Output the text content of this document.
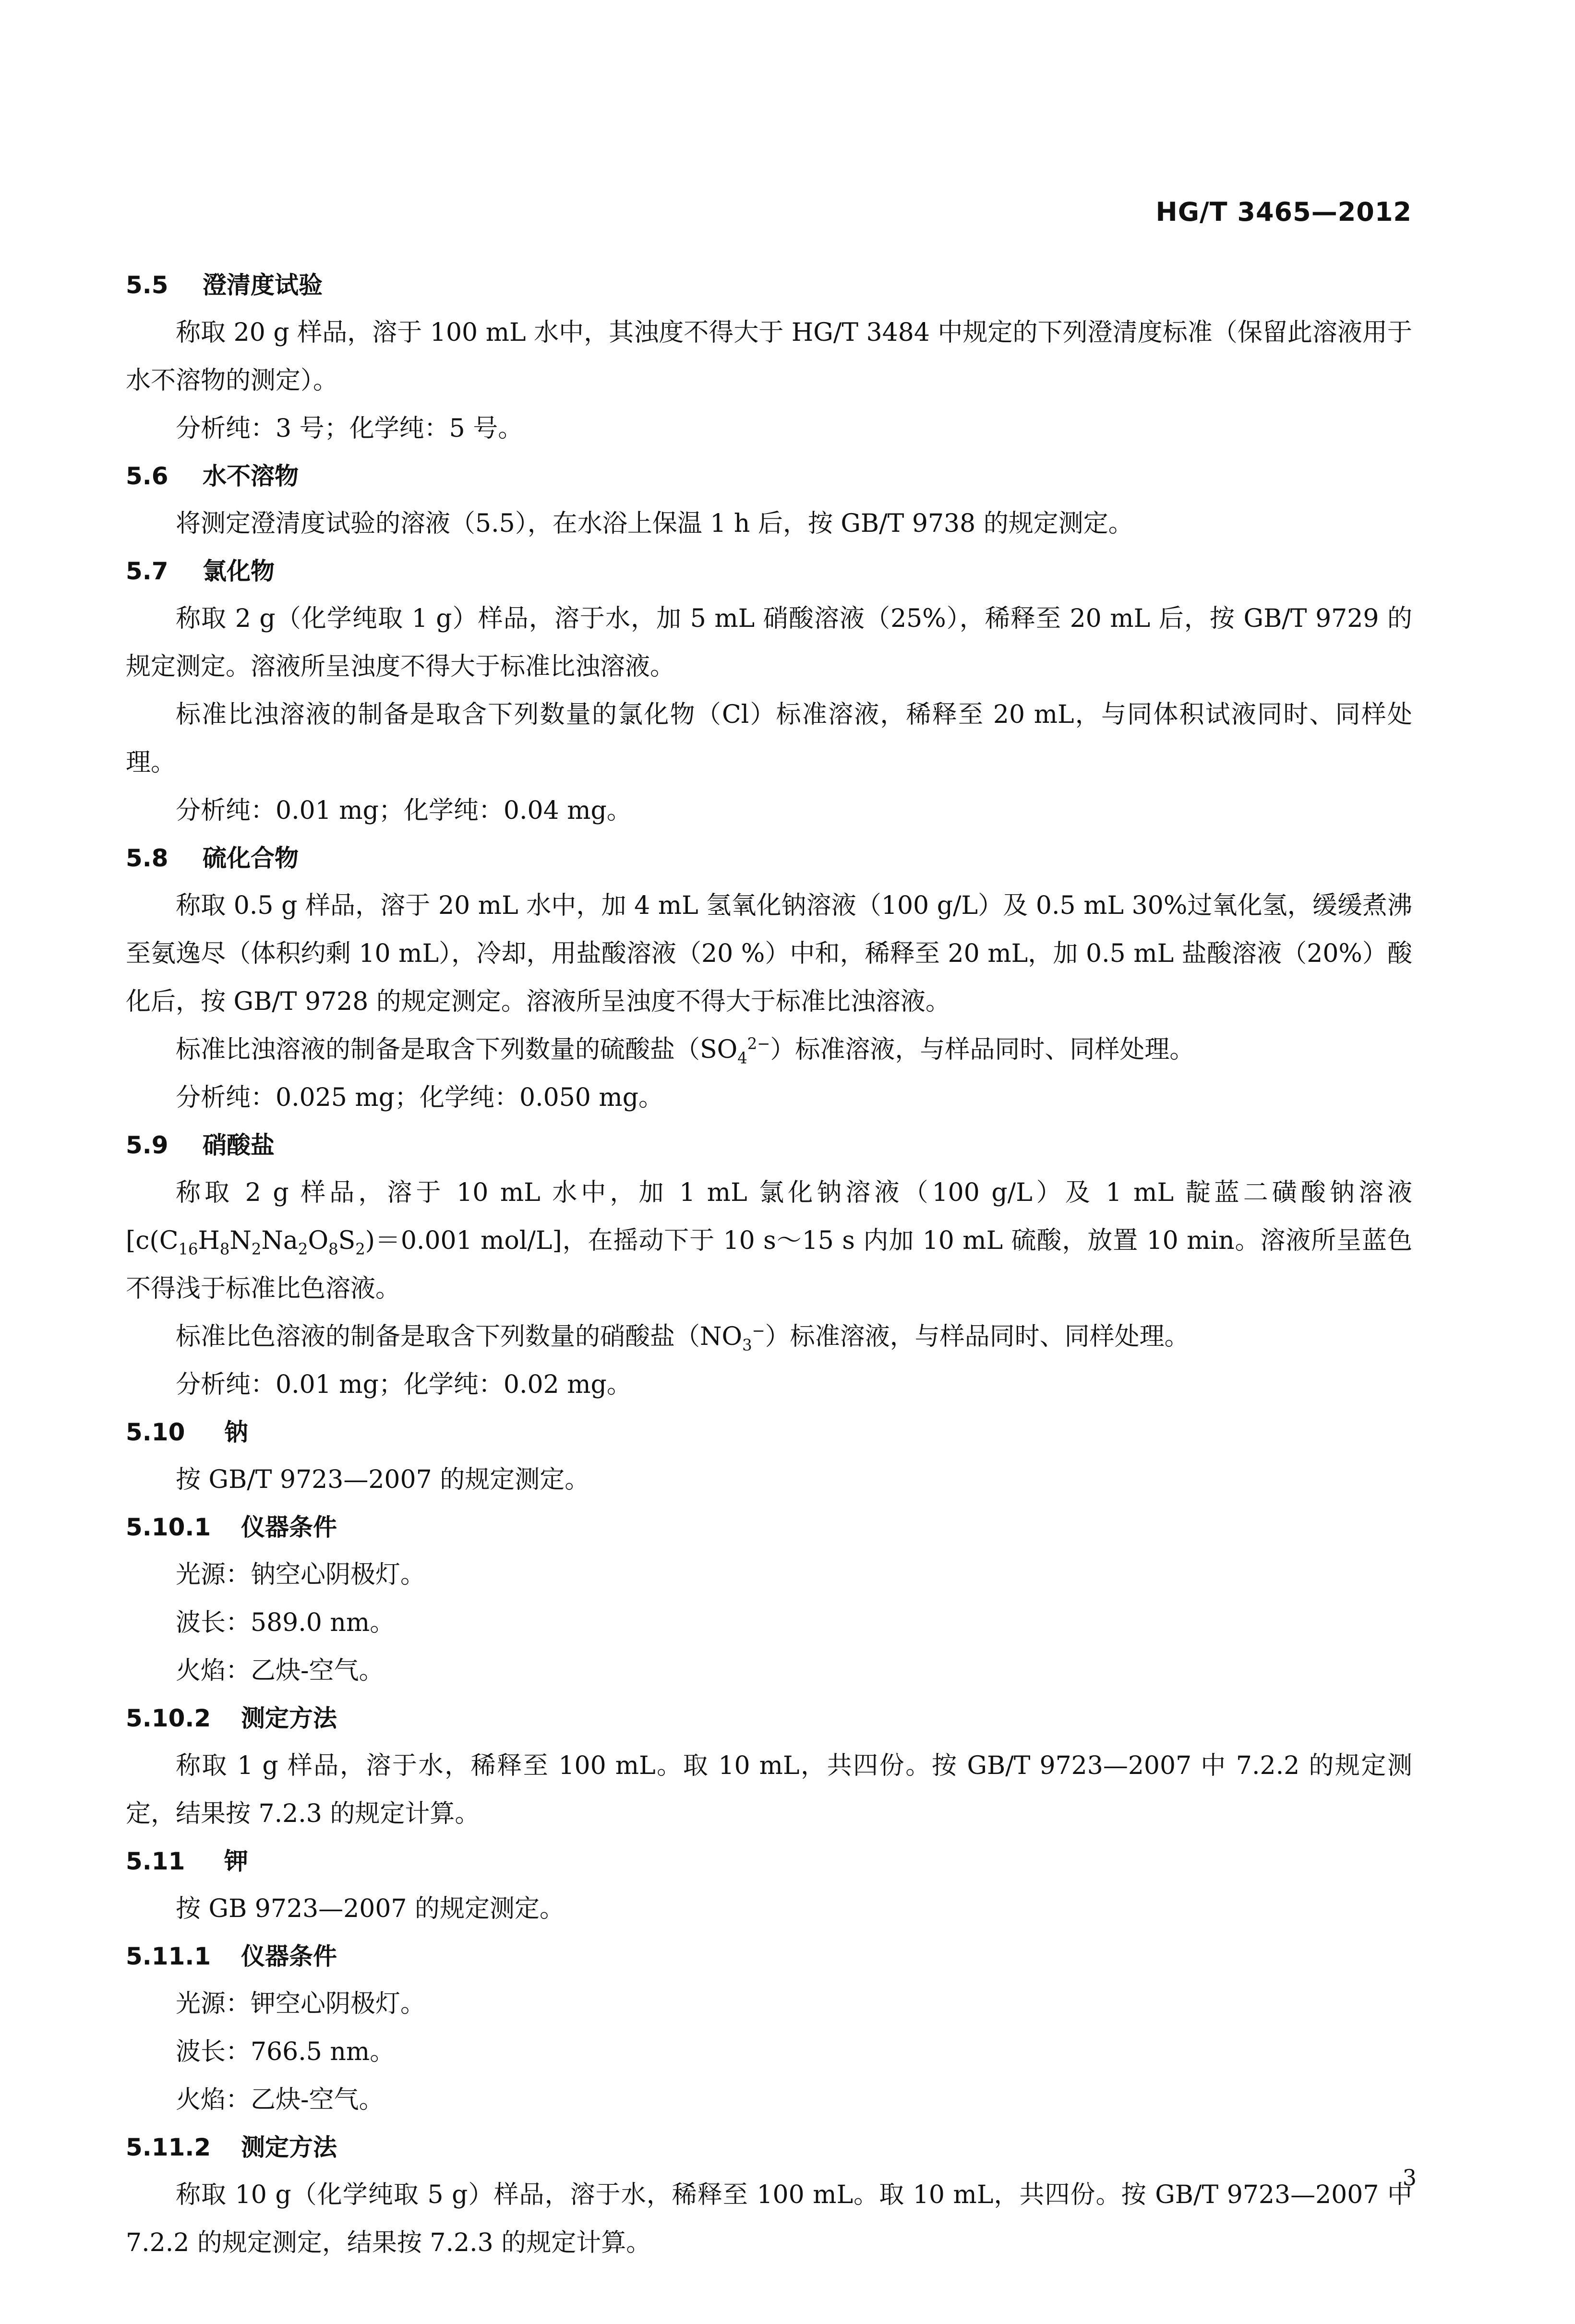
HG/T 3465—2012
5.5 澄清度试验

称取 20 g 样品，溶于 100 mL 水中，其浊度不得大于 HG/T 3484 中规定的下列澄清度标准（保留此溶液用于水不溶物的测定）。

分析纯：3 号；化学纯：5 号。

5.6 水不溶物

将测定澄清度试验的溶液（5.5），在水浴上保温 1 h 后，按 GB/T 9738 的规定测定。

5.7 氯化物

称取 2 g（化学纯取 1 g）样品，溶于水，加 5 mL 硝酸溶液（25%），稀释至 20 mL 后，按 GB/T 9729 的规定测定。溶液所呈浊度不得大于标准比浊溶液。

标准比浊溶液的制备是取含下列数量的氯化物（Cl）标准溶液，稀释至 20 mL，与同体积试液同时、同样处理。

分析纯：0.01 mg；化学纯：0.04 mg。

5.8 硫化合物

称取 0.5 g 样品，溶于 20 mL 水中，加 4 mL 氢氧化钠溶液（100 g/L）及 0.5 mL 30%过氧化氢，缓缓煮沸至氨逸尽（体积约剩 10 mL），冷却，用盐酸溶液（20 %）中和，稀释至 20 mL，加 0.5 mL 盐酸溶液（20%）酸化后，按 GB/T 9728 的规定测定。溶液所呈浊度不得大于标准比浊溶液。

标准比浊溶液的制备是取含下列数量的硫酸盐$(SO_4^{2-})$标准溶液，与样品同时、同样处理。

分析纯：0.025 mg；化学纯：0.050 mg。

5.9 硝酸盐

称取 2 g 样品，溶于 10 mL 水中，加 1 mL 氯化钠溶液（100 g/L）及 1 mL 靛蓝二磺酸钠溶液[$c(C_{16}H_8N_2Na_2O_8S_2)=0.001$ mol/L]，在摇动下于 10 s～15 s 内加 10 mL 硫酸，放置 10 min。溶液所呈蓝色不得浅于标准比色溶液。

标准比色溶液的制备是取含下列数量的硝酸盐$(NO_3^-)$标准溶液，与样品同时、同样处理。

分析纯：0.01 mg；化学纯：0.02 mg。

5.10 钠

按 GB/T 9723—2007 的规定测定。

5.10.1 仪器条件

光源：钠空心阴极灯。

波长：589.0 nm。

火焰：乙炔-空气。

5.10.2 测定方法

称取 1 g 样品，溶于水，稀释至 100 mL。取 10 mL，共四份。按 GB/T 9723—2007 中 7.2.2 的规定测定，结果按 7.2.3 的规定计算。

5.11 钾

按 GB 9723—2007 的规定测定。

5.11.1 仪器条件

光源：钾空心阴极灯。

波长：766.5 nm。

火焰：乙炔-空气。

5.11.2 测定方法

称取 10 g（化学纯取 5 g）样品，溶于水，稀释至 100 mL。取 10 mL，共四份。按 GB/T 9723—2007 中 7.2.2 的规定测定，结果按 7.2.3 的规定计算。

3
